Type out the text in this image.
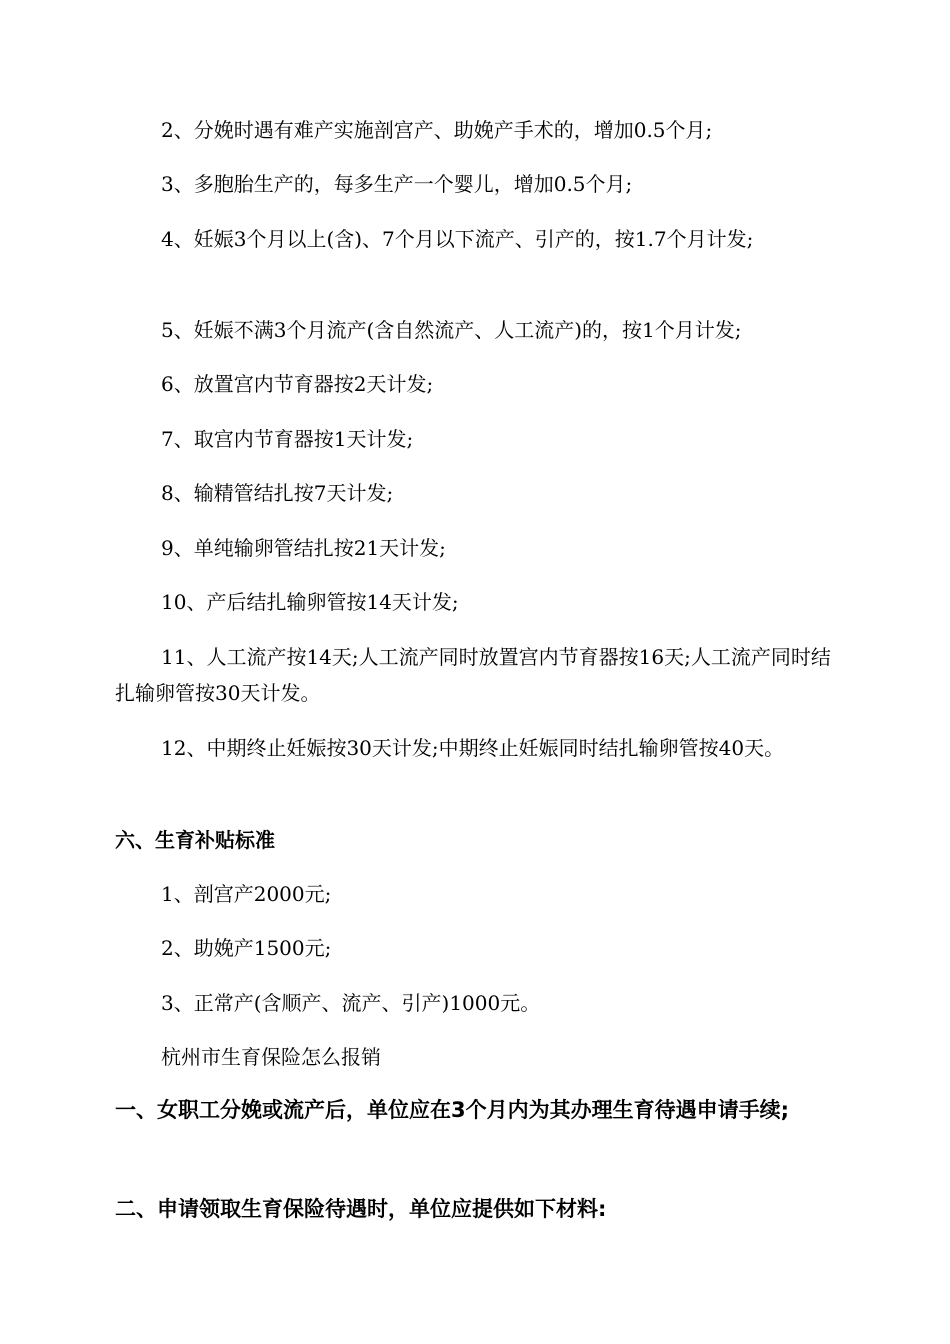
2、分娩时遇有难产实施剖宫产、助娩产手术的，增加0.5个月;

3、多胞胎生产的，每多生产一个婴儿，增加0.5个月;

4、妊娠3个月以上(含)、7个月以下流产、引产的，按1.7个月计发;

5、妊娠不满3个月流产(含自然流产、人工流产)的，按1个月计发;

6、放置宫内节育器按2天计发;

7、取宫内节育器按1天计发;

8、输精管结扎按7天计发;

9、单纯输卵管结扎按21天计发;

10、产后结扎输卵管按14天计发;

11、人工流产按14天;人工流产同时放置宫内节育器按16天;人工流产同时结扎输卵管按30天计发。

12、中期终止妊娠按30天计发;中期终止妊娠同时结扎输卵管按40天。

六、生育补贴标准

1、剖宫产2000元;

2、助娩产1500元;

3、正常产(含顺产、流产、引产)1000元。

杭州市生育保险怎么报销

一、女职工分娩或流产后，单位应在3个月内为其办理生育待遇申请手续;

二、申请领取生育保险待遇时，单位应提供如下材料:
